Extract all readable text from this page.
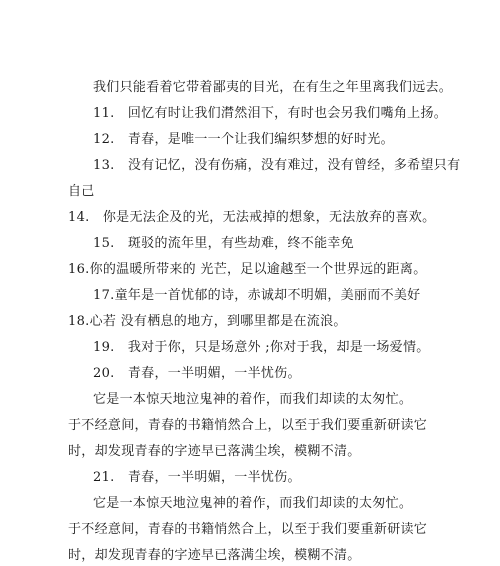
我们只能看着它带着鄙夷的目光，在有生之年里离我们远去。
11.　回忆有时让我们潸然泪下，有时也会另我们嘴角上扬。
12.　青春，是唯一一个让我们编织梦想的好时光。
13.　没有记忆，没有伤痛，没有难过，没有曾经，多希望只有
自己
14.　你是无法企及的光，无法戒掉的想象，无法放弃的喜欢。
15.　斑驳的流年里，有些劫难，终不能幸免
16.你的温暖所带来的 光芒，足以逾越至一个世界远的距离。
17.童年是一首忧郁的诗，赤诚却不明媚，美丽而不美好
18.心若 没有栖息的地方，到哪里都是在流浪。
19.　我对于你，只是场意外 ;你对于我，却是一场爱情。
20.　青春，一半明媚，一半忧伤。
它是一本惊天地泣鬼神的着作，而我们却读的太匆忙。
于不经意间，青春的书籍悄然合上，以至于我们要重新研读它
时，却发现青春的字迹早已落满尘埃，模糊不清。
21.　青春，一半明媚，一半忧伤。
它是一本惊天地泣鬼神的着作，而我们却读的太匆忙。
于不经意间，青春的书籍悄然合上，以至于我们要重新研读它
时，却发现青春的字迹早已落满尘埃，模糊不清。
